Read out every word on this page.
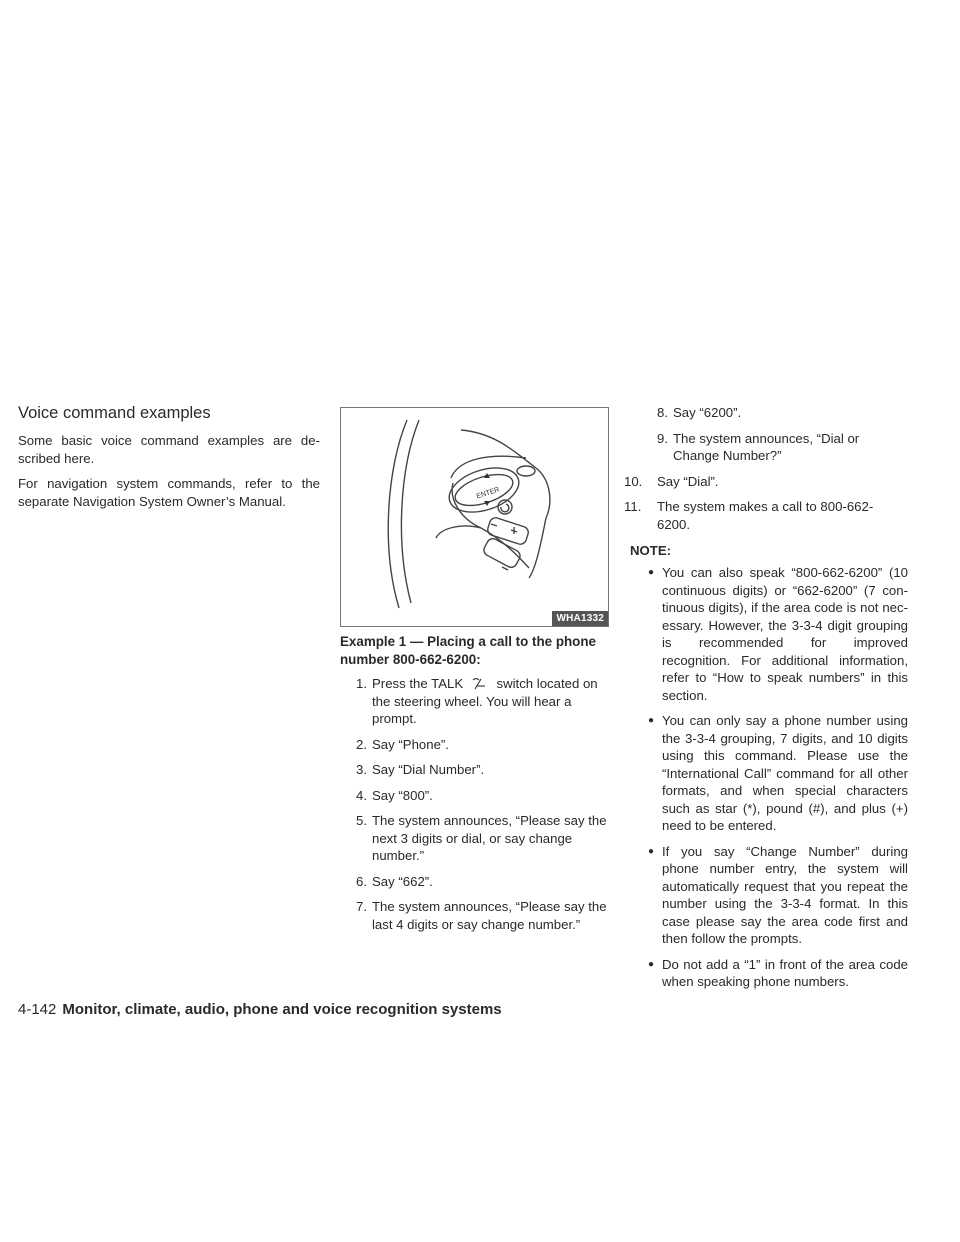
Voice command examples

Some basic voice command examples are de- scribed here.

For navigation system commands, refer to the separate Navigation System Owner’s Manual.

ENTER
WHA1332
Example 1 — Placing a call to the phone number 800-662-6200:
1. Press the TALK	switch located on the steering wheel. You will hear a prompt.
2. Say “Phone”.
3. Say “Dial Number”.
4. Say “800”.
5. The system announces, “Please say the next 3 digits or dial, or say change number.”
6. Say “662”.
7. The system announces, “Please say the last 4 digits or say change number.”
8. Say “6200”.
9. The system announces, “Dial or Change Number?”
10.	Say “Dial”.
11.	The system makes a call to 800-662- 6200.
NOTE:
● You can also speak “800-662-6200” (10 continuous digits) or “662-6200” (7 con- tinuous digits), if the area code is not nec- essary. However, the 3-3-4 digit grouping is recommended for improved recognition. For additional information, refer to “How to speak numbers” in this section.
● You can only say a phone number using the 3-3-4 grouping, 7 digits, and 10 digits using this command. Please use the “International Call” command for all other formats, and when special characters such as star (*), pound (#), and plus (+) need to be entered.
● If you say “Change Number” during phone number entry, the system will automatically request that you repeat the number using the 3-3-4 format. In this case please say the area code first and then follow the prompts.
● Do not add a “1” in front of the area code when speaking phone numbers.
4-142 Monitor, climate, audio, phone and voice recognition systems
